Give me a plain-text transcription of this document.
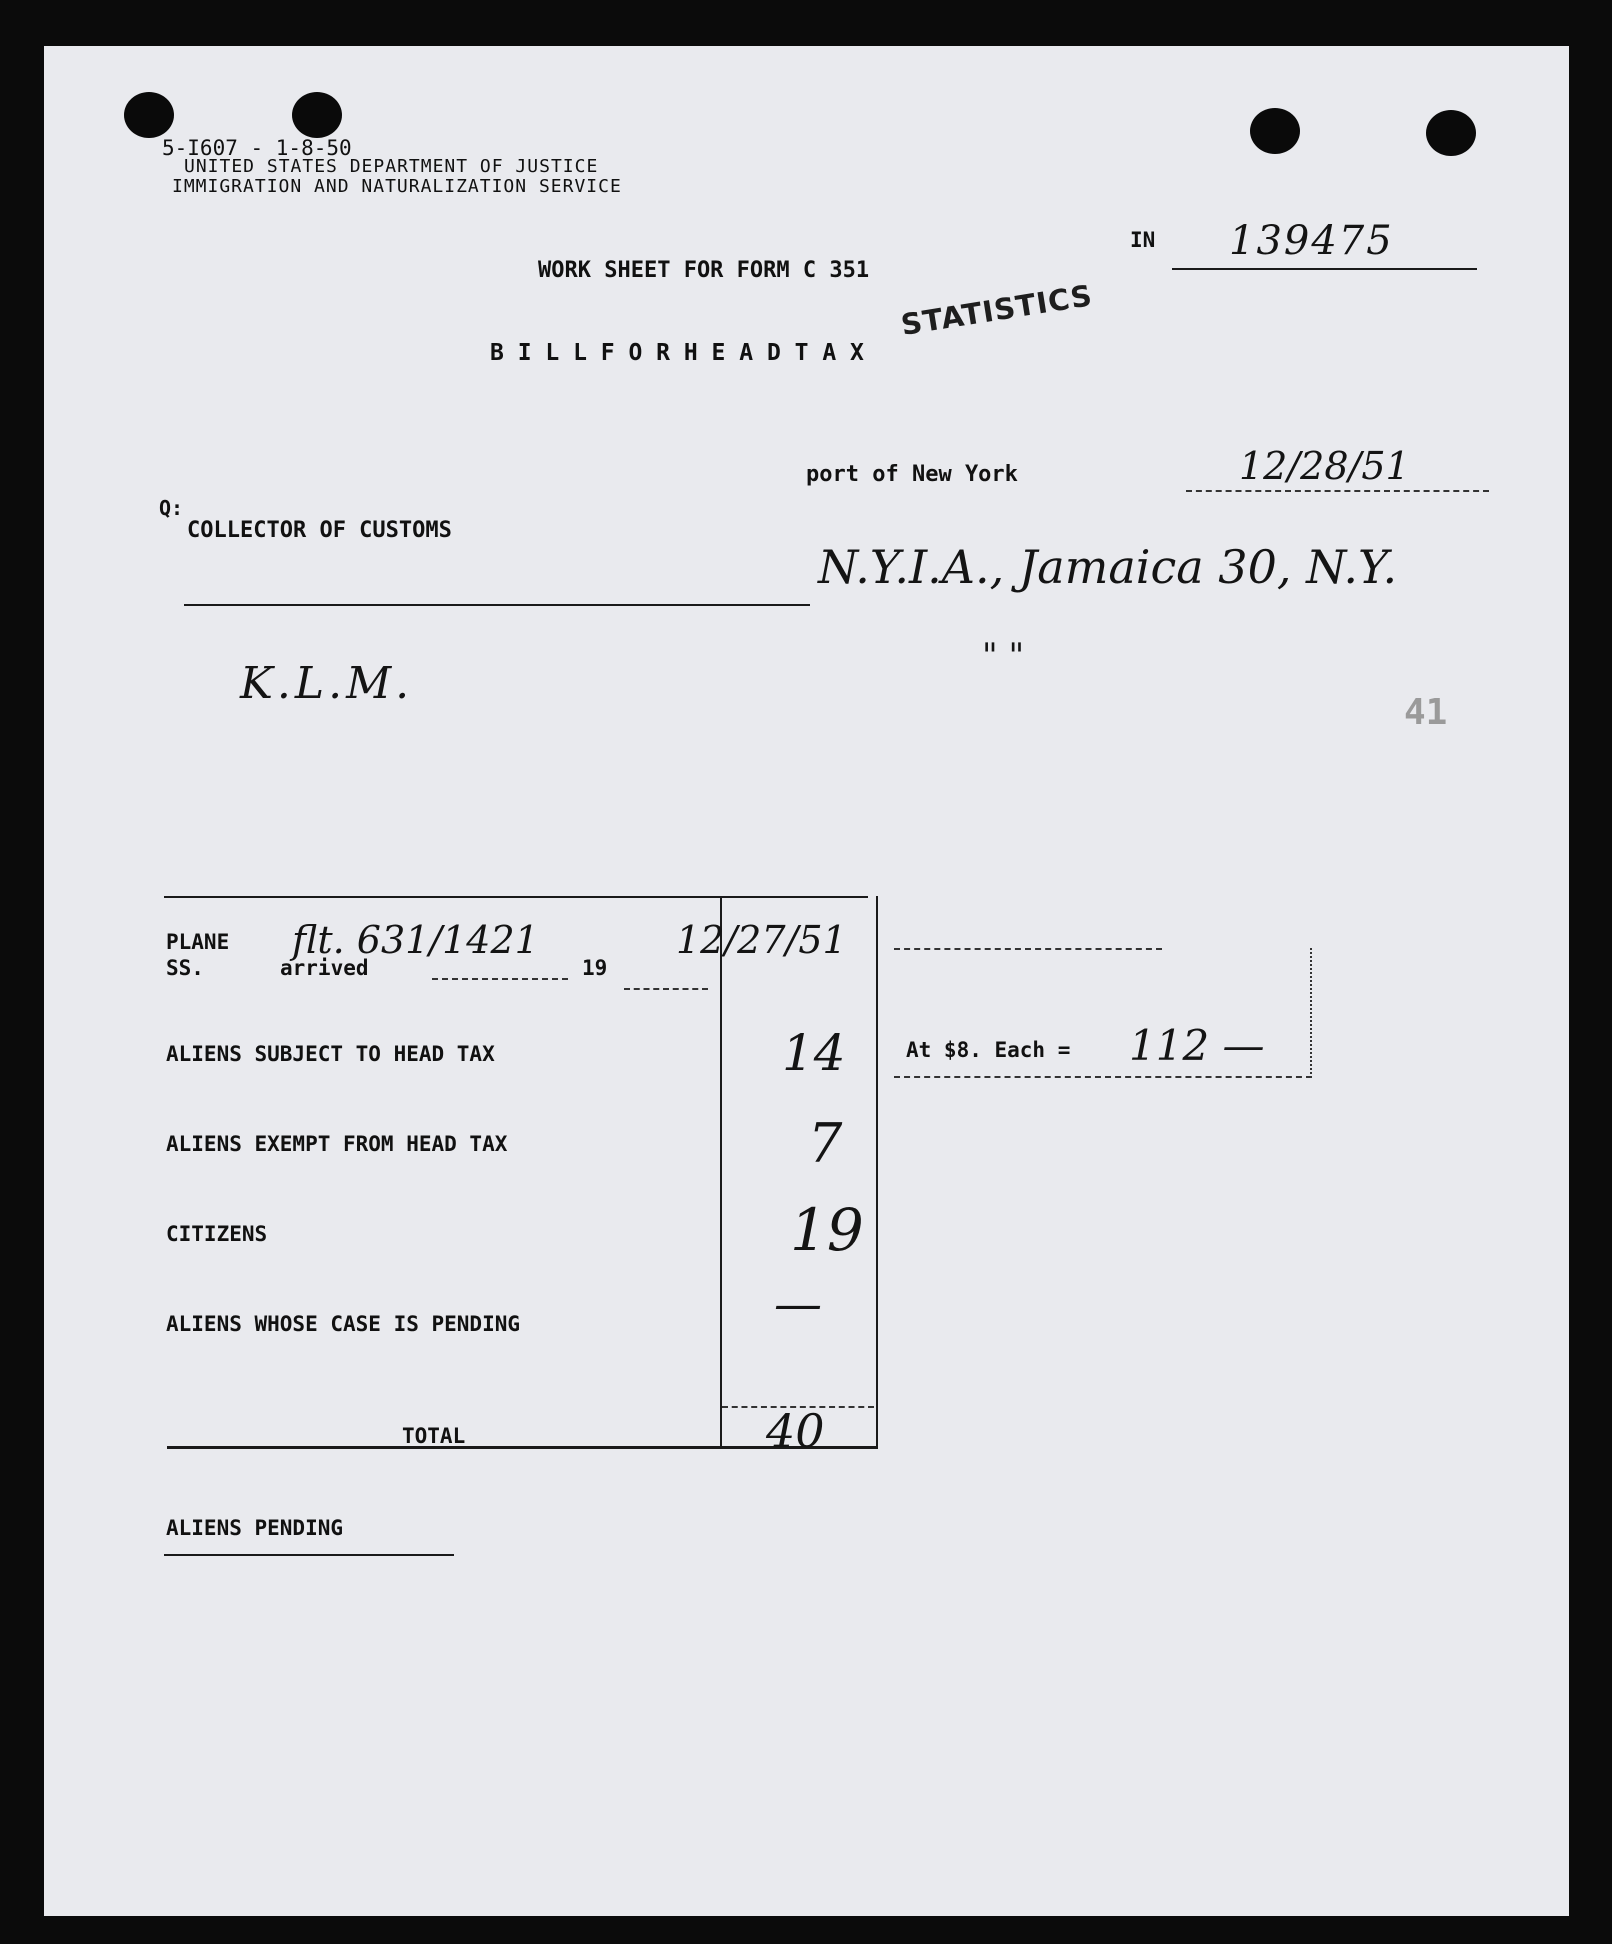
5-I607 - 1-8-50
UNITED STATES DEPARTMENT OF JUSTICE
IMMIGRATION AND NATURALIZATION SERVICE
IN 139475
WORK SHEET FOR FORM C 351
STATISTICS
B I L L F O R H E A D T A X
port of New York	12/28/51
Q:
COLLECTOR OF CUSTOMS
N.Y.I.A., Jamaica 30, N.Y.
" "
K.L.M.
41
PLANE
SS.	arrived	19
flt. 631/1421	12/27/51
ALIENS SUBJECT TO HEAD TAX	14
ALIENS EXEMPT FROM HEAD TAX	7
CITIZENS	19
ALIENS WHOSE CASE IS PENDING	—
TOTAL	40
At $8. Each = 112 —
ALIENS PENDING
